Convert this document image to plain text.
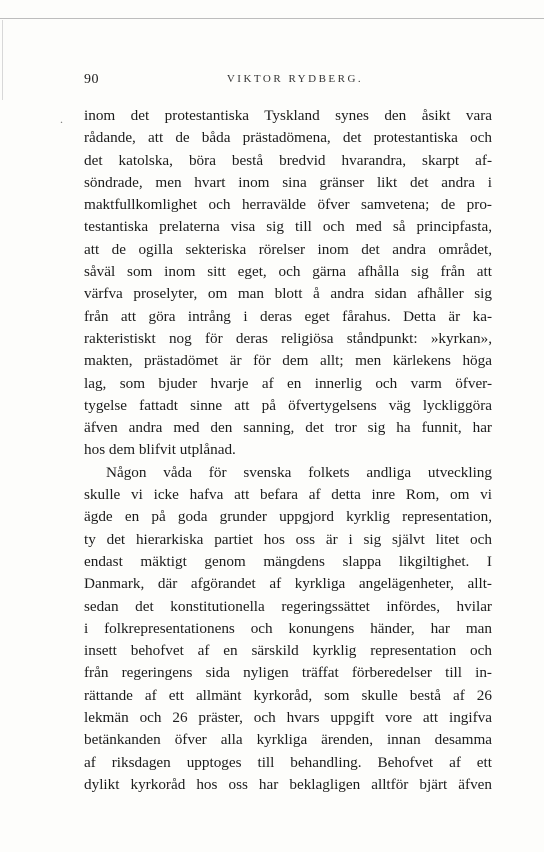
90	VIKTOR RYDBERG.
. inom det protestantiska Tyskland synes den åsikt vara
rådande, att de båda prästadömena, det protestantiska och
det katolska, böra bestå bredvid hvarandra, skarpt af-
söndrade, men hvart inom sina gränser likt det andra i
maktfullkomlighet och herravälde öfver samvetena; de pro-
testantiska prelaterna visa sig till och med så principfasta,
att de ogilla sekteriska rörelser inom det andra området,
såväl som inom sitt eget, och gärna afhålla sig från att
värfva proselyter, om man blott å andra sidan afhåller sig
från att göra intrång i deras eget fårahus. Detta är ka-
rakteristiskt nog för deras religiösa ståndpunkt: »kyrkan»,
makten, prästadömet är för dem allt; men kärlekens höga
lag, som bjuder hvarje af en innerlig och varm öfver-
tygelse fattadt sinne att på öfvertygelsens väg lyckliggöra
äfven andra med den sanning, det tror sig ha funnit, har
hos dem blifvit utplånad.
Någon våda för svenska folkets andliga utveckling
skulle vi icke hafva att befara af detta inre Rom, om vi
ägde en på goda grunder uppgjord kyrklig representation,
ty det hierarkiska partiet hos oss är i sig självt litet och
endast mäktigt genom mängdens slappa likgiltighet. I
Danmark, där afgörandet af kyrkliga angelägenheter, allt-
sedan det konstitutionella regeringssättet infördes, hvilar
i folkrepresentationens och konungens händer, har man
insett behofvet af en särskild kyrklig representation och
från regeringens sida nyligen träffat förberedelser till in-
rättande af ett allmänt kyrkoråd, som skulle bestå af 26
lekmän och 26 präster, och hvars uppgift vore att ingifva
betänkanden öfver alla kyrkliga ärenden, innan desamma
af riksdagen upptoges till behandling. Behofvet af ett
dylikt kyrkoråd hos oss har beklagligen alltför bjärt äfven
